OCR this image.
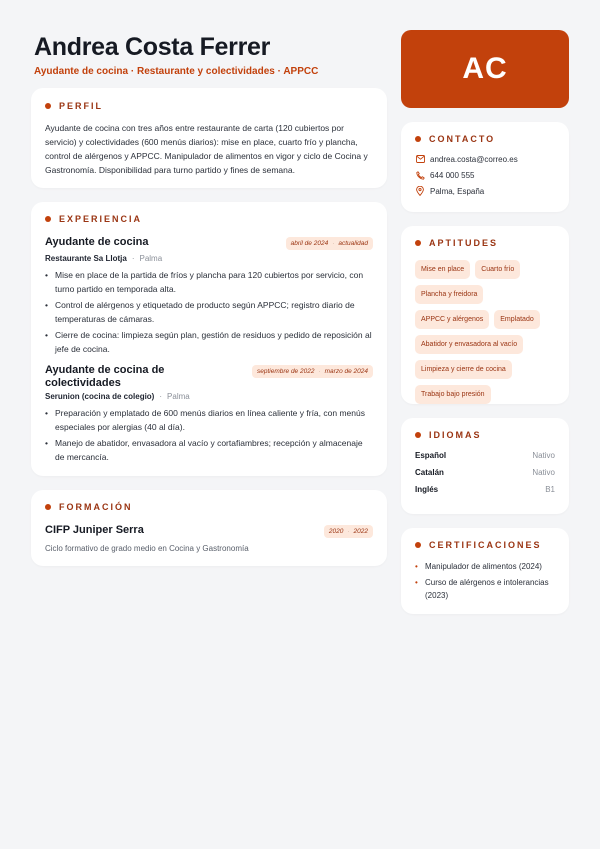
Andrea Costa Ferrer
Ayudante de cocina · Restaurante y colectividades · APPCC	AC
PERFIL
Ayudante de cocina con tres años entre restaurante de carta (120 cubiertos por servicio) y colectividades (600 menús diarios): mise en place, cuarto frío y plancha, control de alérgenos y APPCC. Manipulador de alimentos en vigor y ciclo de Cocina y Gastronomía. Disponibilidad para turno partido y fines de semana.
EXPERIENCIA
Ayudante de cocina	abril de 2024 · actualidad
Restaurante Sa Llotja · Palma
• Mise en place de la partida de fríos y plancha para 120 cubiertos por servicio, con turno partido en temporada alta.
• Control de alérgenos y etiquetado de producto según APPCC; registro diario de temperaturas de cámaras.
• Cierre de cocina: limpieza según plan, gestión de residuos y pedido de reposición al jefe de cocina.
Ayudante de cocina de colectividades
septiembre de 2022 · marzo de 2024
Serunion (cocina de colegio) · Palma
• Preparación y emplatado de 600 menús diarios en línea caliente y fría, con menús especiales por alergias (40 al día).
• Manejo de abatidor, envasadora al vacío y cortafiambres; recepción y almacenaje de mercancía.
FORMACIÓN
CIFP Juniper Serra	2020 · 2022
Ciclo formativo de grado medio en Cocina y Gastronomía
CONTACTO
andrea.costa@correo.es
644 000 555
Palma, España
APTITUDES
Mise en place	Cuarto frío
Plancha y freidora
APPCC y alérgenos	Emplatado
Abatidor y envasadora al vacío
Limpieza y cierre de cocina
Trabajo bajo presión
IDIOMAS
Español	Nativo
Catalán	Nativo
Inglés	B1
CERTIFICACIONES
• Manipulador de alimentos (2024)
• Curso de alérgenos e intolerancias (2023)
